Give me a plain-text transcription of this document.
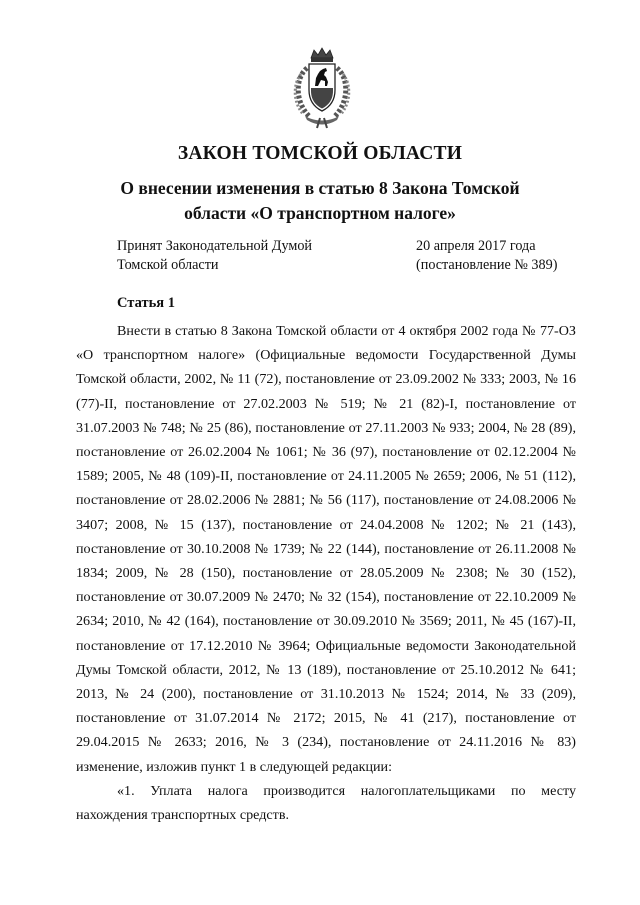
ЗАКОН ТОМСКОЙ ОБЛАСТИ
О внесении изменения в статью 8 Закона Томской
области «О транспортном налоге»
Принят Законодательной Думой
Томской области
20 апреля 2017 года
(постановление № 389)
Статья 1

Внести в статью 8 Закона Томской области от 4 октября 2002 года № 77-ОЗ «О транспортном налоге» (Официальные ведомости Государственной Думы Томской области, 2002, № 11 (72), постановление от 23.09.2002 № 333; 2003, № 16 (77)-II, постановление от 27.02.2003 № 519; № 21 (82)-I, постановление от 31.07.2003 № 748; № 25 (86), постановление от 27.11.2003 № 933; 2004, № 28 (89), постановление от 26.02.2004 № 1061; № 36 (97), постановление от 02.12.2004 № 1589; 2005, № 48 (109)-II, постановление от 24.11.2005 № 2659; 2006, № 51 (112), постановление от 28.02.2006 № 2881; № 56 (117), постановление от 24.08.2006 № 3407; 2008, № 15 (137), постановление от 24.04.2008 № 1202; № 21 (143), постановление от 30.10.2008 № 1739; № 22 (144), постановление от 26.11.2008 № 1834; 2009, № 28 (150), постановление от 28.05.2009 № 2308; № 30 (152), постановление от 30.07.2009 № 2470; № 32 (154), постановление от 22.10.2009 № 2634; 2010, № 42 (164), постановление от 30.09.2010 № 3569; 2011, № 45 (167)-II, постановление от 17.12.2010 № 3964; Официальные ведомости Законодательной Думы Томской области, 2012, № 13 (189), постановление от 25.10.2012 № 641; 2013, № 24 (200), постановление от 31.10.2013 № 1524; 2014, № 33 (209), постановление от 31.07.2014 № 2172; 2015, № 41 (217), постановление от 29.04.2015 № 2633; 2016, № 3 (234), постановление от 24.11.2016 № 83) изменение, изложив пункт 1 в следующей редакции:

«1. Уплата налога производится налогоплательщиками по месту нахождения транспортных средств.
